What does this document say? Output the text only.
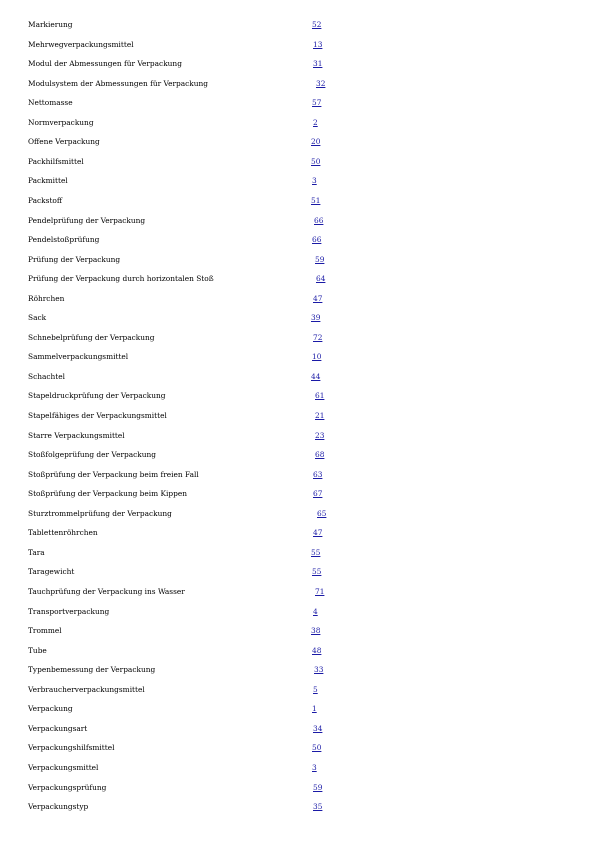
Markierung	52
Mehrwegverpackungsmittel	13
Modul der Abmessungen für Verpackung	31
Modulsystem der Abmessungen für Verpackung	32
Nettomasse	57
Normverpackung	2
Offene Verpackung	20
Packhilfsmittel	50
Packmittel	3
Packstoff	51
Pendelprüfung der Verpackung	66
Pendelstoßprüfung	66
Prüfung der Verpackung	59
Prüfung der Verpackung durch horizontalen Stoß	64
Röhrchen	47
Sack	39
Schnebelprüfung der Verpackung	72
Sammelverpackungsmittel	10
Schachtel	44
Stapeldruckprüfung der Verpackung	61
Stapelfähiges der Verpackungsmittel	21
Starre Verpackungsmittel	23
Stoßfolgeprüfung der Verpackung	68
Stoßprüfung der Verpackung beim freien Fall	63
Stoßprüfung der Verpackung beim Kippen	67
Sturztrommelprüfung der Verpackung	65
Tablettenröhrchen	47
Tara	55
Taragewicht	55
Tauchprüfung der Verpackung ins Wasser	71
Transportverpackung	4
Trommel	38
Tube	48
Typenbemessung der Verpackung	33
Verbraucherverpackungsmittel	5
Verpackung	1
Verpackungsart	34
Verpackungshilfsmittel	50
Verpackungsmittel	3
Verpackungsprüfung	59
Verpackungstyp	35
